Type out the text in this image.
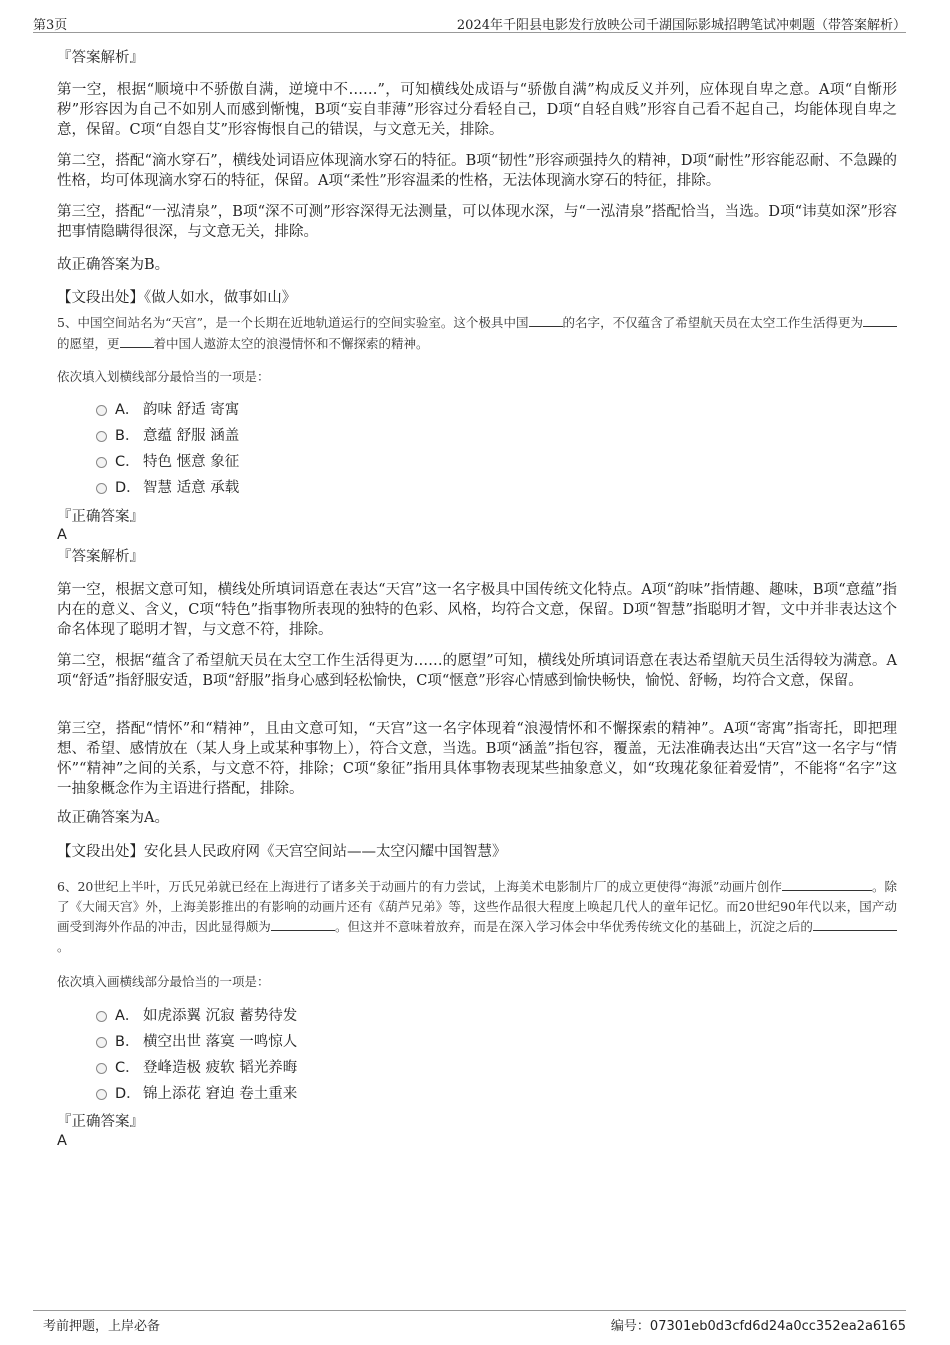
第3页	2024年千阳县电影发行放映公司千湖国际影城招聘笔试冲刺题（带答案解析）
『答案解析』
第一空，根据“顺境中不骄傲自满，逆境中不……”，可知横线处成语与“骄傲自满”构成反义并列，应体现自卑之意。A项“自惭形秽”形容因为自己不如别人而感到惭愧，B项“妄自菲薄”形容过分看轻自己，D项“自轻自贱”形容自己看不起自己，均能体现自卑之意，保留。C项“自怨自艾”形容悔恨自己的错误，与文意无关，排除。
第二空，搭配“滴水穿石”，横线处词语应体现滴水穿石的特征。B项“韧性”形容顽强持久的精神，D项“耐性”形容能忍耐、不急躁的性格，均可体现滴水穿石的特征，保留。A项“柔性”形容温柔的性格，无法体现滴水穿石的特征，排除。
第三空，搭配“一泓清泉”，B项“深不可测”形容深得无法测量，可以体现水深，与“一泓清泉”搭配恰当，当选。D项“讳莫如深”形容把事情隐瞒得很深，与文意无关，排除。
故正确答案为B。
【文段出处】《做人如水，做事如山》
5、中国空间站名为“天宫”，是一个长期在近地轨道运行的空间实验室。这个极具中国	的名字，不仅蕴含了希望航天员在太空工作生活得更为的愿望，更	着中国人遨游太空的浪漫情怀和不懈探索的精神。
依次填入划横线部分最恰当的一项是：
A． 韵味 舒适 寄寓
B． 意蕴 舒服 涵盖
C． 特色 惬意 象征
D． 智慧 适意 承载
『正确答案』
A
『答案解析』
第一空，根据文意可知，横线处所填词语意在表达“天宫”这一名字极具中国传统文化特点。A项“韵味”指情趣、趣味，B项“意蕴”指内在的意义、含义，C项“特色”指事物所表现的独特的色彩、风格，均符合文意，保留。D项“智慧”指聪明才智，文中并非表达这个命名体现了聪明才智，与文意不符，排除。
第二空，根据“蕴含了希望航天员在太空工作生活得更为……的愿望”可知，横线处所填词语意在表达希望航天员生活得较为满意。A项“舒适”指舒服安适，B项“舒服”指身心感到轻松愉快，C项“惬意”形容心情感到愉快畅快，愉悦、舒畅，均符合文意，保留。
第三空，搭配“情怀”和“精神”，且由文意可知，“天宫”这一名字体现着“浪漫情怀和不懈探索的精神”。A项“寄寓”指寄托，即把理想、希望、感情放在（某人身上或某种事物上），符合文意，当选。B项“涵盖”指包容，覆盖，无法准确表达出“天宫”这一名字与“情怀”“精神”之间的关系，与文意不符，排除；C项“象征”指用具体事物表现某些抽象意义，如“玫瑰花象征着爱情”，不能将“名字”这一抽象概念作为主语进行搭配，排除。
故正确答案为A。
【文段出处】安化县人民政府网《天宫空间站——太空闪耀中国智慧》
6、20世纪上半叶，万氏兄弟就已经在上海进行了诸多关于动画片的有力尝试，上海美术电影制片厂的成立更使得“海派”动画片创作	。除了《大闹天宫》外，上海美影推出的有影响的动画片还有《葫芦兄弟》等，这些作品很大程度上唤起几代人的童年记忆。而20世纪90年代以来，国产动画受到海外作品的冲击，因此显得颇为	。但这并不意味着放弃，而是在深入学习体会中华优秀传统文化的基础上，沉淀之后的。
依次填入画横线部分最恰当的一项是：
A． 如虎添翼 沉寂 蓄势待发
B． 横空出世 落寞 一鸣惊人
C． 登峰造极 疲软 韬光养晦
D． 锦上添花 窘迫 卷土重来
『正确答案』
A
考前押题，上岸必备	编号：07301eb0d3cfd6d24a0cc352ea2a6165
